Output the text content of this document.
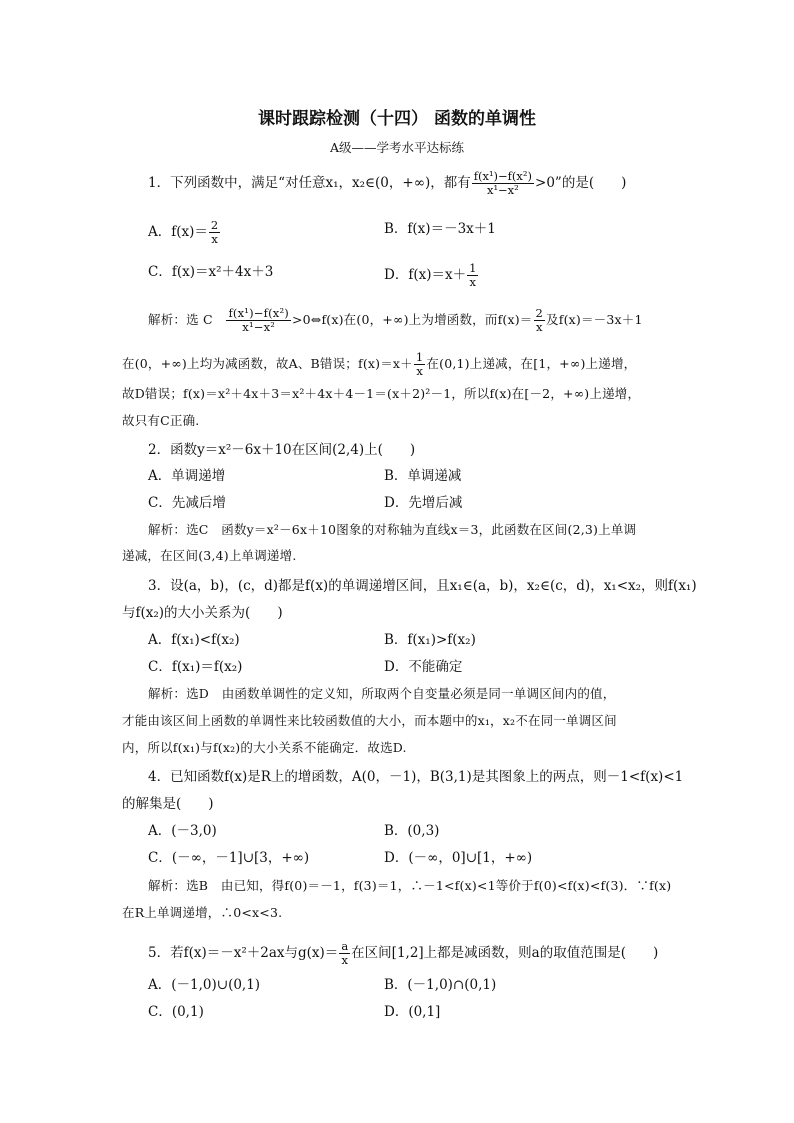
课时跟踪检测（十四） 函数的单调性
A级——学考水平达标练
1．下列函数中，满足“对任意x₁，x₂∈(0，+∞)，都有 $\frac{\text{f(x¹)−f(x²)}}{\text{x¹−x²}} >0$”的是(　　)
A．$f(x)= \frac{2}{x}$	B．f(x)＝－3x＋1
C．f(x)＝x²＋4x＋3	D．$f(x)=x+ \frac{1}{x}$
解析：选 C　 $\frac{\text{f(x¹)−f(x²)}}{\text{x¹−x²}}$ >0⇔f(x)在(0，+∞)上为增函数，而$f(x)= \frac{2}{x}$ 及f(x)＝－3x＋1
在(0，+∞)上均为减函数，故A、B错误；$f(x)=x+ \frac{1}{x}$ 在(0,1)上递减，在[1，+∞)上递增，
故D错误；f(x)＝x²＋4x＋3＝x²＋4x＋4－1＝(x＋2)²－1，所以f(x)在[－2，+∞)上递增，
故只有C正确.
2．函数y＝x²－6x＋10在区间(2,4)上(　　)
A．单调递增	B．单调递减
C．先减后增	D．先增后减
解析：选C　函数y＝x²－6x＋10图象的对称轴为直线x＝3，此函数在区间(2,3)上单调
递减，在区间(3,4)上单调递增.
3．设(a，b)，(c，d)都是f(x)的单调递增区间，且x₁∈(a，b)，x₂∈(c，d)，x₁<x₂，则f(x₁)
与f(x₂)的大小关系为(　　)
A．f(x₁)<f(x₂)	B．f(x₁)>f(x₂)
C．f(x₁)＝f(x₂)	D．不能确定
解析：选D　由函数单调性的定义知，所取两个自变量必须是同一单调区间内的值，
才能由该区间上函数的单调性来比较函数值的大小，而本题中的x₁，x₂不在同一单调区间
内，所以f(x₁)与f(x₂)的大小关系不能确定．故选D.
4．已知函数f(x)是R上的增函数，A(0，－1)，B(3,1)是其图象上的两点，则－1<f(x)<1
的解集是(　　)
A．(－3,0)	B．(0,3)
C．(－∞，－1]∪[3，+∞)	D．(－∞，0]∪[1，+∞)
解析：选B　由已知，得f(0)＝－1，f(3)＝1，∴－1<f(x)<1等价于f(0)<f(x)<f(3)．∵f(x)
在R上单调递增，∴0<x<3.
5．若f(x)＝－x²＋2ax与$g(x)= \frac{a}{x}$ 在区间[1,2]上都是减函数，则a的取值范围是(　　)
A．(－1,0)∪(0,1)	B．(－1,0)∩(0,1)
C．(0,1)	D．(0,1]
